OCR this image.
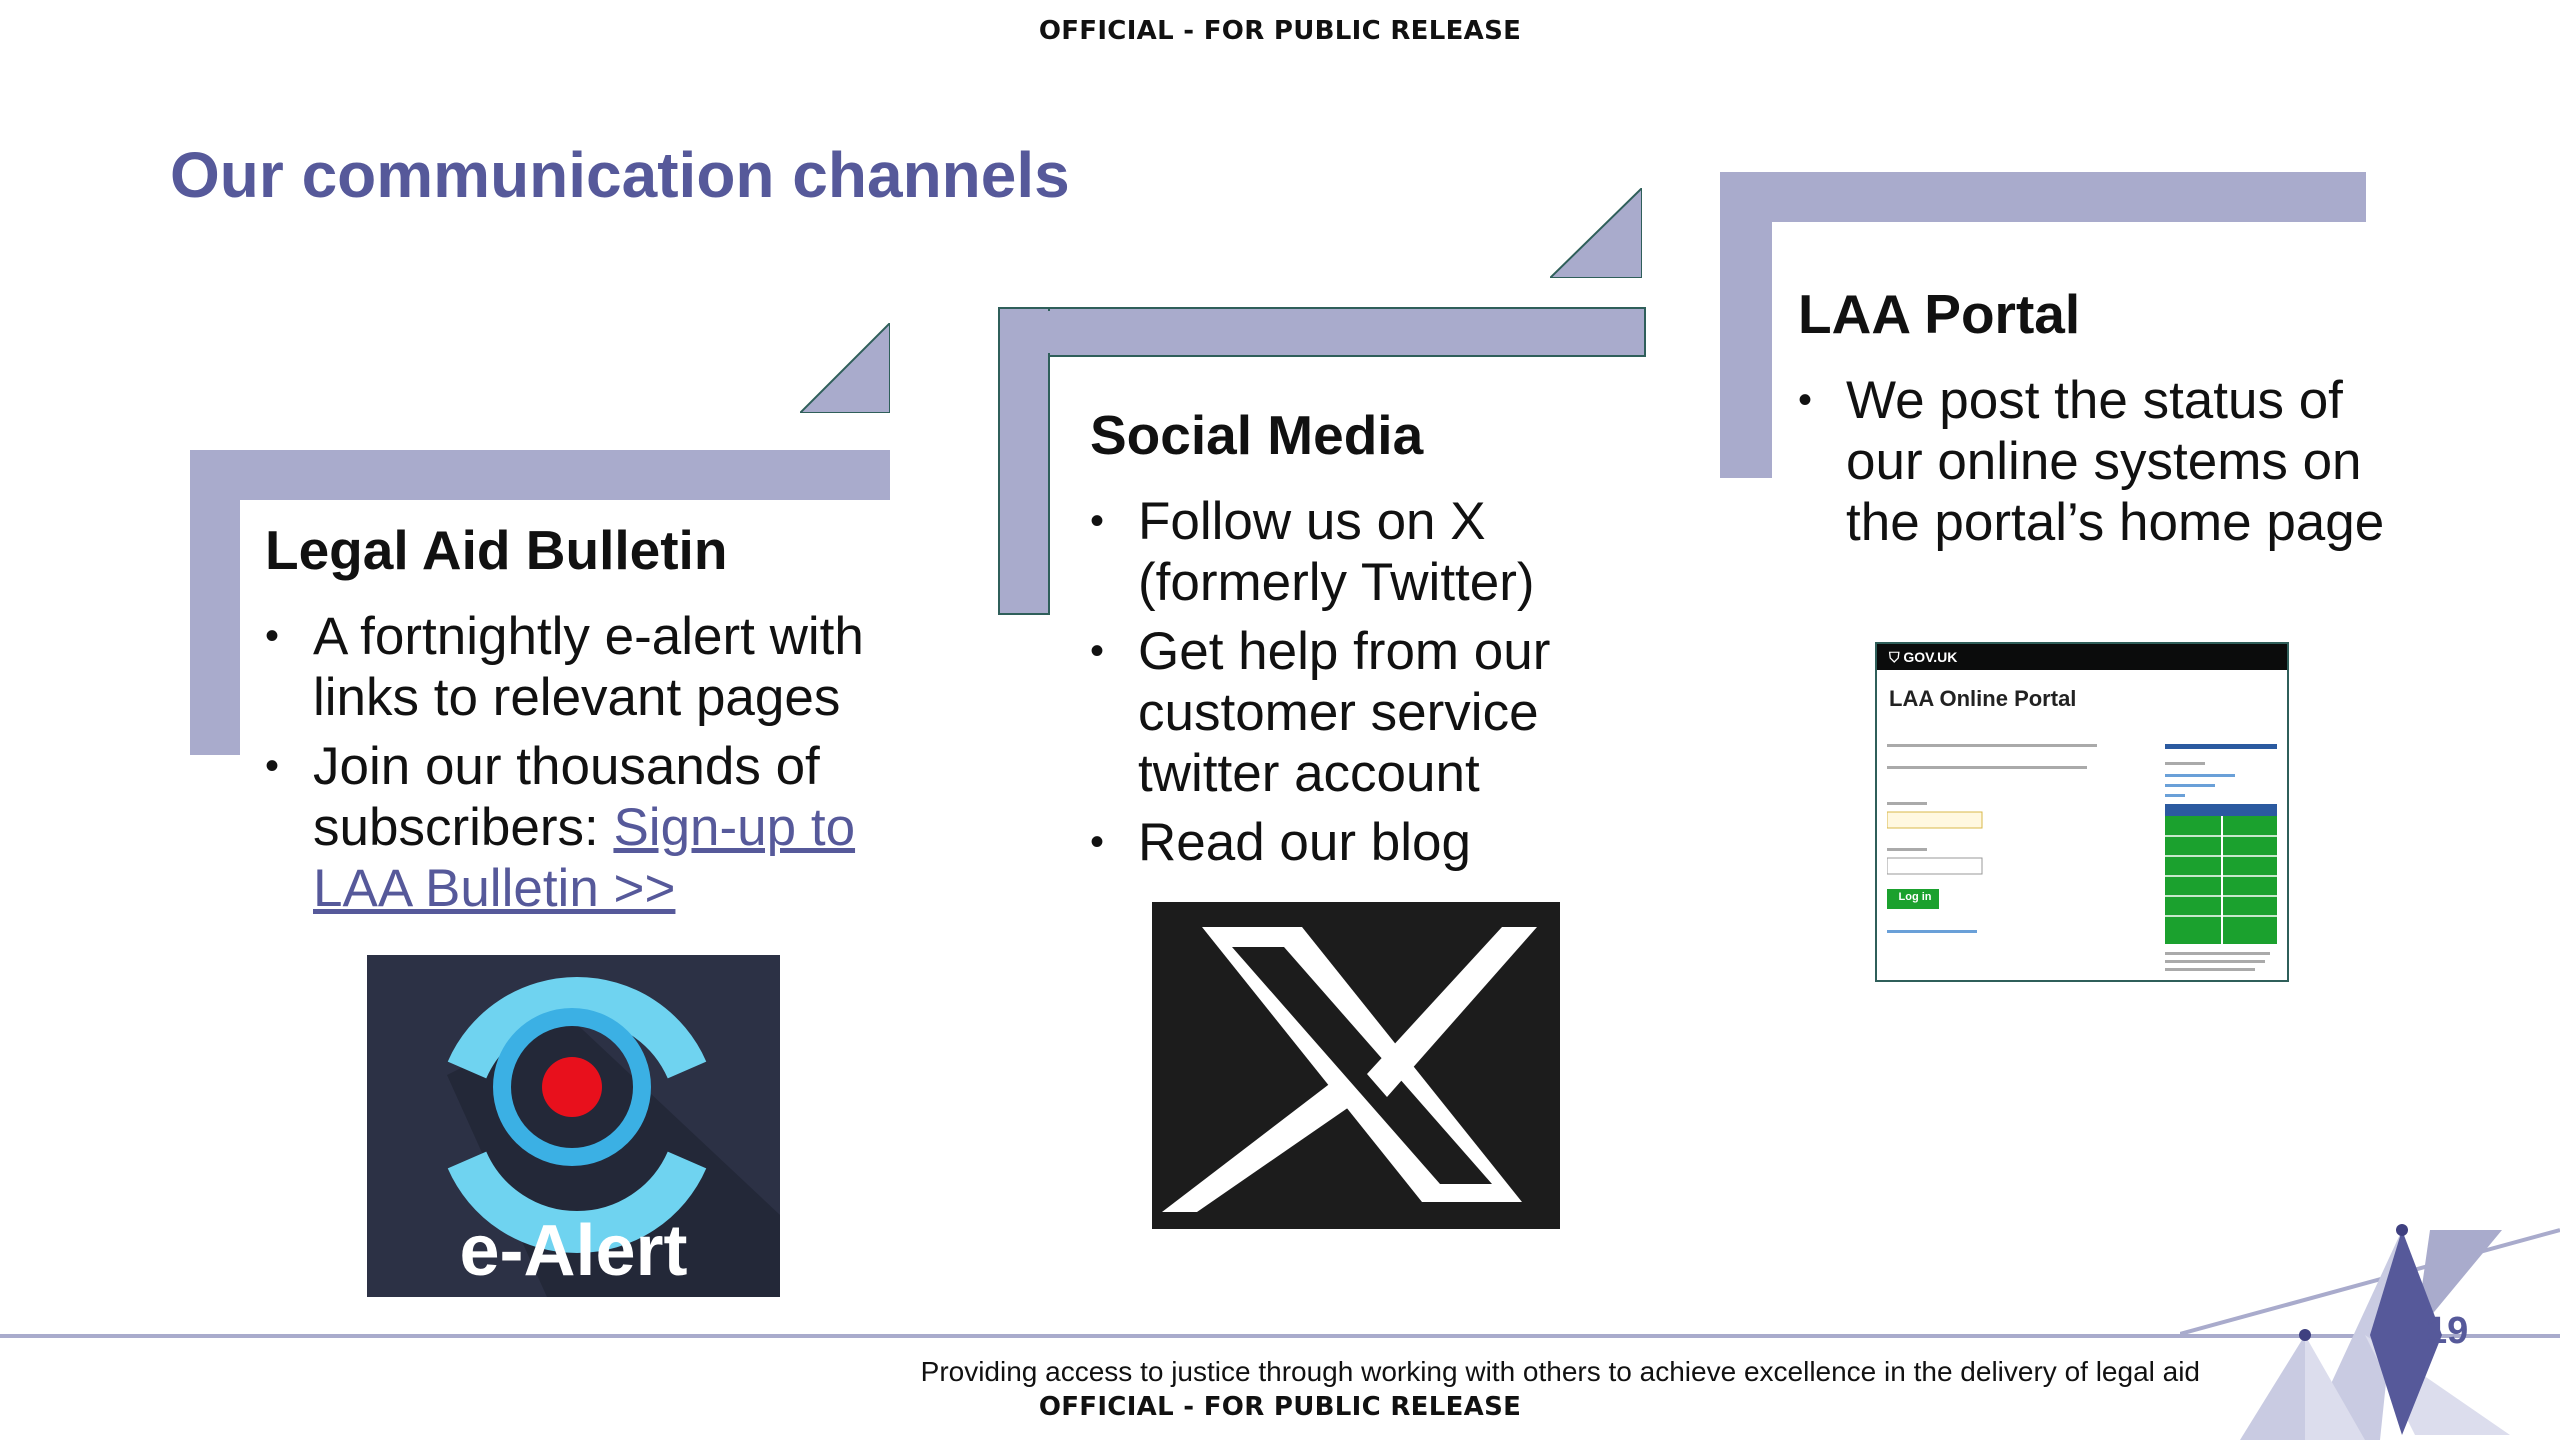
OFFICIAL - FOR PUBLIC RELEASE
Our communication channels
Legal Aid Bulletin
• A fortnightly e-alert with links to relevant pages
• Join our thousands of subscribers: Sign-up to LAA Bulletin >>
e-Alert
Social Media
• Follow us on X (formerly Twitter)
• Get help from our customer service twitter account
• Read our blog
LAA Portal
• We post the status of our online systems on the portal’s home page
⛉ GOV.UK
LAA Online Portal
Log in
Providing access to justice through working with others to achieve excellence in the delivery of legal aid
OFFICIAL - FOR PUBLIC RELEASE
19
